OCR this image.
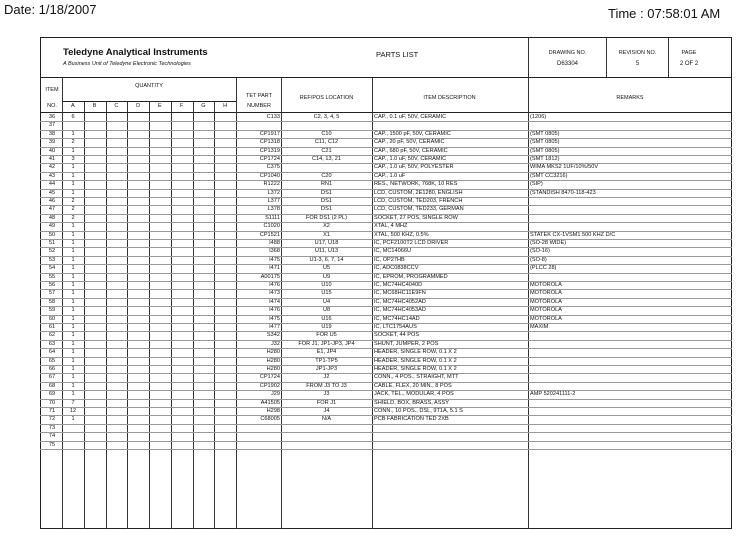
Date: 1/18/2007	Time : 07:58:01 AM
Teledyne Analytical Instruments
A Business Unit of Teledyne Electronic Technologies
PARTS LIST	DRAWING NO.
D63304
REVISION NO.
5
PAGE
2 OF 2
ITEM
NO.
QUANTITY
A	B	C	D	E	F	G	H
TET PART
NUMBER
REF/POS LOCATION	ITEM DESCRIPTION	REMARKS
36	6	C133	C2, 3, 4, 5	CAP., 0.1 uF, 50V, CERAMIC	(1206)
37
38	1	CP1917	C10	CAP., 1500 pF, 50V, CERAMIC	(SMT 0805)
39	2	CP1318	C11, C12	CAP., 20 pF, 50V, CERAMIC	(SMT 0805)
40	1	CP1319	C21	CAP., 680 pF, 50V, CERAMIC	(SMT 0805)
41	3	CP1724	C14, 13, 21	CAP., 1.0 uF, 50V, CERAMIC	(SMT 1812)
42	1	C375	CAP., 1.0 uF, 50V, POLYESTER	WIMA MKS2 1UF/10%/50V
43	1	CP1040	C20	CAP., 1.0 uF	(SMT CC3216)
44	1	R1222	RN1	RES., NETWORK, 768K, 10 RES	(SIP)
45	1	L372	DS1	LCD, CUSTOM, 2E1280, ENGLISH	(STANDISH 8470-118-423
46	2	L377	DS1	LCD, CUSTOM, TED203, FRENCH
47	2	L378	DS1	LCD, CUSTOM, TED233, GERMAN
48	2	S1111	FOR DS1 (2 PL)	SOCKET, 27 POS, SINGLE ROW
49	1	C1020	X2	XTAL, 4 MHZ
50	1	CP1521	X1	XTAL, 500 KHZ, 0.5%	STATEK CX-1VSM1 500 KHZ D/C
51	1	I488	U17, U18	IC, PCF2100T2 LCD DRIVER	(SO-28 WIDE)
52	1	I368	U11, U13	IC, MC14066U	(SO-16)
53	1	I475	U1-3, 6, 7, 14	IC, OP27HB	(SO-8)
54	1	I471	U5	IC, ADC0838CCV	(PLCC 28)
55	1	A00175	U9	IC, EPROM, PROGRAMMED
56	1	I476	U10	IC, MC74HC4040D	MOTOROLA
57	1	I473	U15	IC, MC68HC11E9FN	MOTOROLA
58	1	I474	U4	IC, MC74HC4052AD	MOTOROLA
59	1	I476	U8	IC, MC74HC4053AD	MOTOROLA
60	1	I475	U16	IC, MC74HC14AD	MOTOROLA
61	1	I477	U19	IC, LTC1754AUS	MAXIM
62	1	S342	FOR U5	SOCKET, 44 POS
63	1	J32	FOR J1, JP1-JP3, JP4	SHUNT, JUMPER, 2 POS
64	1	H280	E1, JP4	HEADER, SINGLE ROW, 0.1 X 2
65	1	H280	TP1-TP5	HEADER, SINGLE ROW, 0.1 X 2
66	1	H280	JP1-JP3	HEADER, SINGLE ROW, 0.1 X 2
67	1	CP1724	J2	CONN., 4 POS., STRAIGHT, MTT
68	1	CP1902	FROM J3 TO J3	CABLE, FLEX, 20 MIN., 8 POS
69	1	J29	J3	JACK, TEL., MODULAR, 4 POS	AMP 520241111-2
70	7	A41505	FOR J1	SHIELD, BOX, BRASS, ASSY
71	12	H298	J4	CONN., 10 POS., DSL, 9T1A, 5.1 S
72	1	C68005	N/A	PCB FABRICATION TED 2XB
73
74
75
